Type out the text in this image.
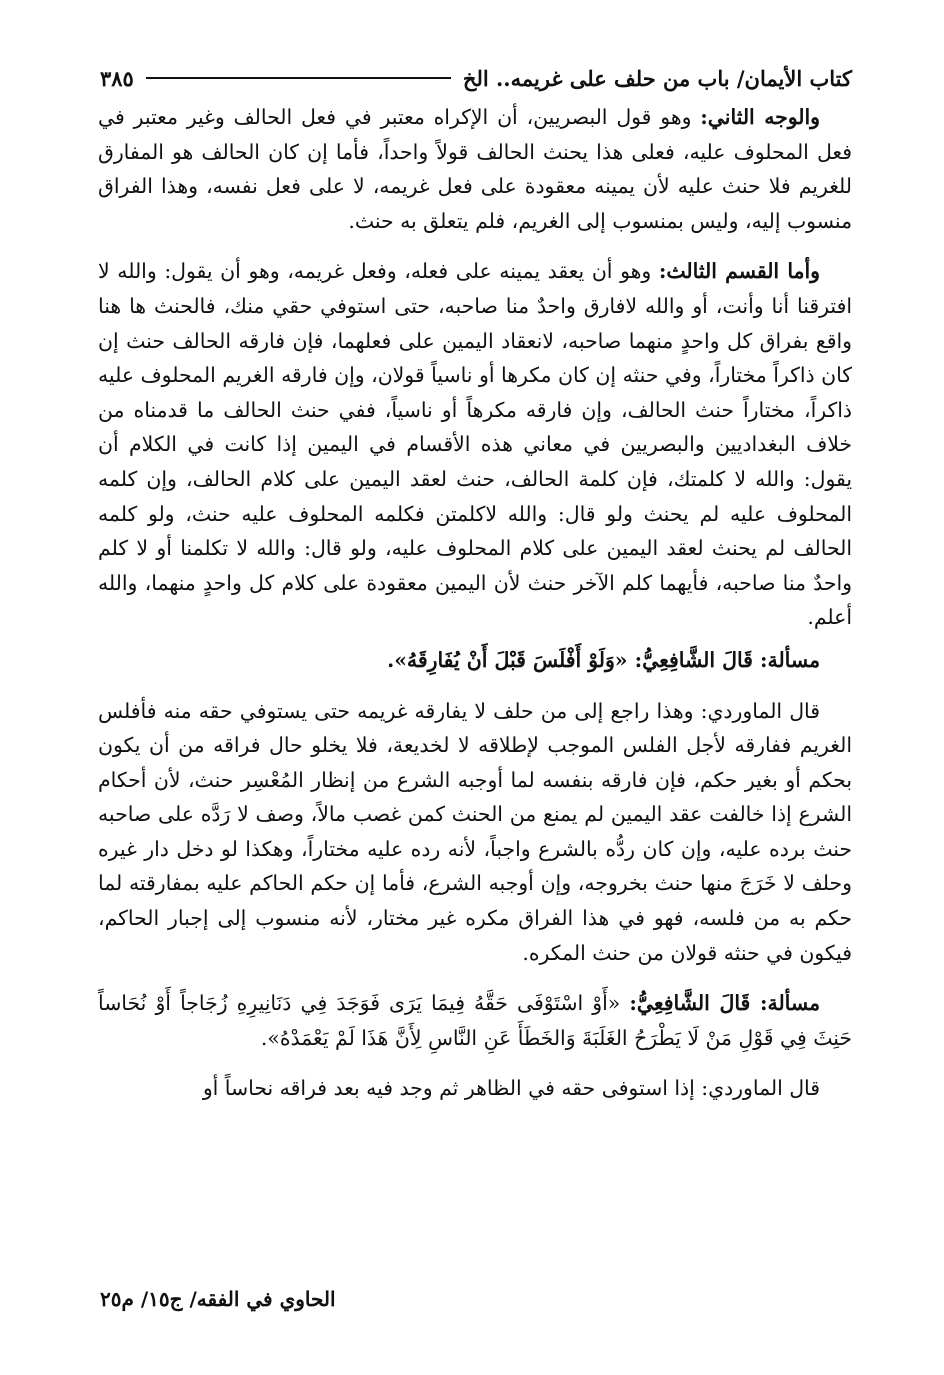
٣٨٥	كتاب الأيمان/ باب من حلف على غريمه.. الخ

والوجه الثاني: وهو قول البصريين، أن الإكراه معتبر في فعل الحالف وغير معتبر في فعل المحلوف عليه، فعلى هذا يحنث الحالف قولاً واحداً، فأما إن كان الحالف هو المفارق للغريم فلا حنث عليه لأن يمينه معقودة على فعل غريمه، لا على فعل نفسه، وهذا الفراق منسوب إليه، وليس بمنسوب إلى الغريم، فلم يتعلق به حنث.

وأما القسم الثالث: وهو أن يعقد يمينه على فعله، وفعل غريمه، وهو أن يقول: والله لا افترقنا أنا وأنت، أو والله لافارق واحدٌ منا صاحبه، حتى استوفي حقي منك، فالحنث ها هنا واقع بفراق كل واحدٍ منهما صاحبه، لانعقاد اليمين على فعلهما، فإن فارقه الحالف حنث إن كان ذاكراً مختاراً، وفي حنثه إن كان مكرها أو ناسياً قولان، وإن فارقه الغريم المحلوف عليه ذاكراً، مختاراً حنث الحالف، وإن فارقه مكرهاً أو ناسياً، ففي حنث الحالف ما قدمناه من خلاف البغداديين والبصريين في معاني هذه الأقسام في اليمين إذا كانت في الكلام أن يقول: والله لا كلمتك، فإن كلمة الحالف، حنث لعقد اليمين على كلام الحالف، وإن كلمه المحلوف عليه لم يحنث ولو قال: والله لاكلمتن فكلمه المحلوف عليه حنث، ولو كلمه الحالف لم يحنث لعقد اليمين على كلام المحلوف عليه، ولو قال: والله لا تكلمنا أو لا كلم واحدٌ منا صاحبه، فأيهما كلم الآخر حنث لأن اليمين معقودة على كلام كل واحدٍ منهما، والله أعلم.

مسألة: قَالَ الشَّافِعِيُّ: «وَلَوْ أَفْلَسَ قَبْلَ أَنْ يُفَارِقَهُ».

قال الماوردي: وهذا راجع إلى من حلف لا يفارقه غريمه حتى يستوفي حقه منه فأفلس الغريم ففارقه لأجل الفلس الموجب لإطلاقه لا لخديعة، فلا يخلو حال فراقه من أن يكون بحكم أو بغير حكم، فإن فارقه بنفسه لما أوجبه الشرع من إنظار المُعْسِر حنث، لأن أحكام الشرع إذا خالفت عقد اليمين لم يمنع من الحنث كمن غصب مالاً، وصف لا رَدَّه على صاحبه حنث برده عليه، وإن كان ردُّه بالشرع واجباً، لأنه رده عليه مختاراً، وهكذا لو دخل دار غيره وحلف لا خَرَجَ منها حنث بخروجه، وإن أوجبه الشرع، فأما إن حكم الحاكم عليه بمفارقته لما حكم به من فلسه، فهو في هذا الفراق مكره غير مختار، لأنه منسوب إلى إجبار الحاكم، فيكون في حنثه قولان من حنث المكره.

مسألة: قَالَ الشَّافِعِيُّ: «أَوْ اسْتَوْفَى حَقَّهُ فِيمَا يَرَى فَوَجَدَ فِي دَنَانِيرِهِ زُجَاجاً أَوْ نُحَاساً حَنِثَ فِي قَوْلِ مَنْ لَا يَطْرَحُ الغَلَبَةَ وَالخَطَأَ عَنِ النَّاسِ لِأَنَّ هَذَا لَمْ يَعْمَدْهُ».

قال الماوردي: إذا استوفى حقه في الظاهر ثم وجد فيه بعد فراقه نحاساً أو

الحاوي في الفقه/ ج١٥/ م٢٥
